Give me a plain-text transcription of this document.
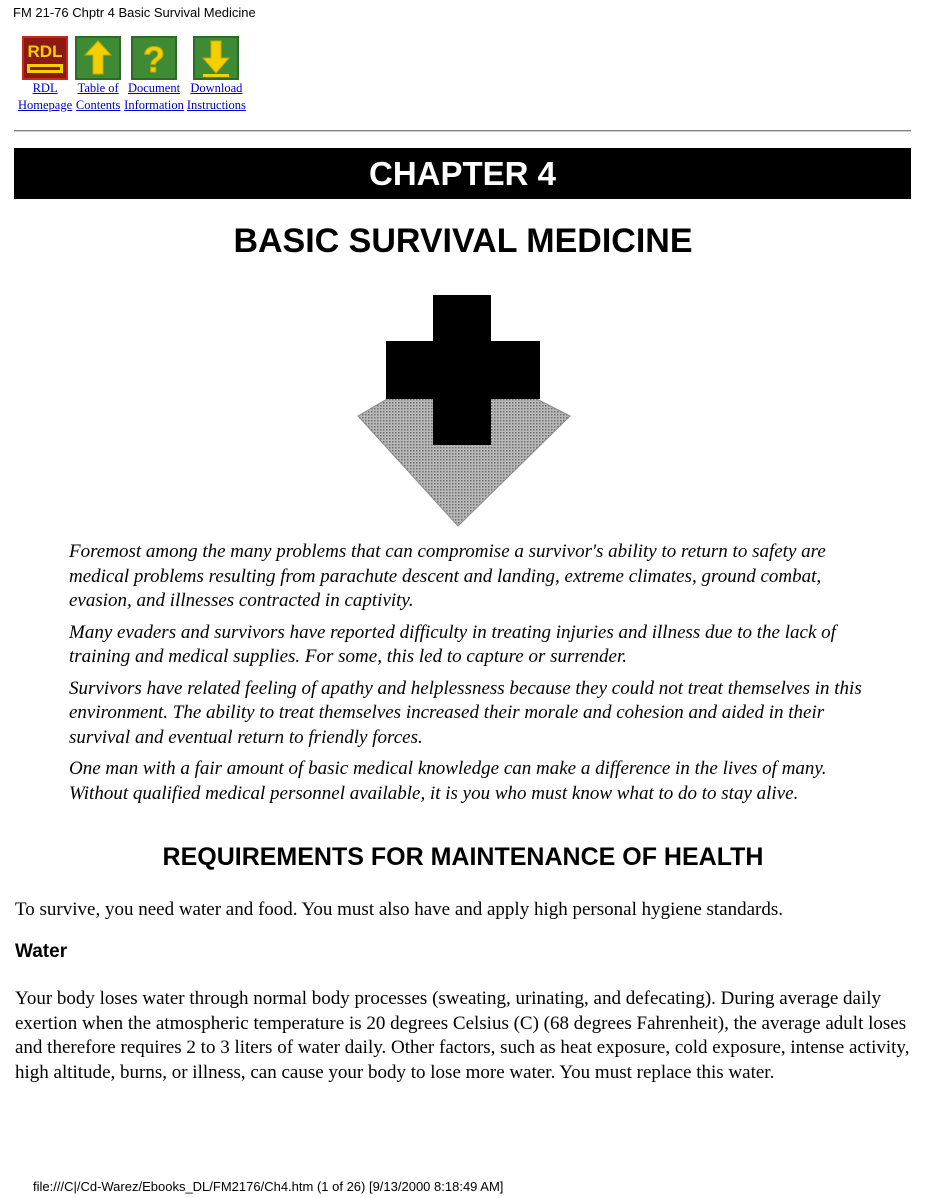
FM 21-76 Chptr 4 Basic Survival Medicine
RDL
RDL
Homepage
Table of
Contents
?
Document
Information
Download
Instructions
CHAPTER 4
BASIC SURVIVAL MEDICINE

Foremost among the many problems that can compromise a survivor's ability to return to safety are medical problems resulting from parachute descent and landing, extreme climates, ground combat, evasion, and illnesses contracted in captivity.

Many evaders and survivors have reported difficulty in treating injuries and illness due to the lack of training and medical supplies. For some, this led to capture or surrender.

Survivors have related feeling of apathy and helplessness because they could not treat themselves in this environment. The ability to treat themselves increased their morale and cohesion and aided in their survival and eventual return to friendly forces.

One man with a fair amount of basic medical knowledge can make a difference in the lives of many. Without qualified medical personnel available, it is you who must know what to do to stay alive.

REQUIREMENTS FOR MAINTENANCE OF HEALTH

To survive, you need water and food. You must also have and apply high personal hygiene standards.

Water

Your body loses water through normal body processes (sweating, urinating, and defecating). During average daily exertion when the atmospheric temperature is 20 degrees Celsius (C) (68 degrees Fahrenheit), the average adult loses and therefore requires 2 to 3 liters of water daily. Other factors, such as heat exposure, cold exposure, intense activity, high altitude, burns, or illness, can cause your body to lose more water. You must replace this water.

file:///C|/Cd-Warez/Ebooks_DL/FM2176/Ch4.htm (1 of 26) [9/13/2000 8:18:49 AM]
